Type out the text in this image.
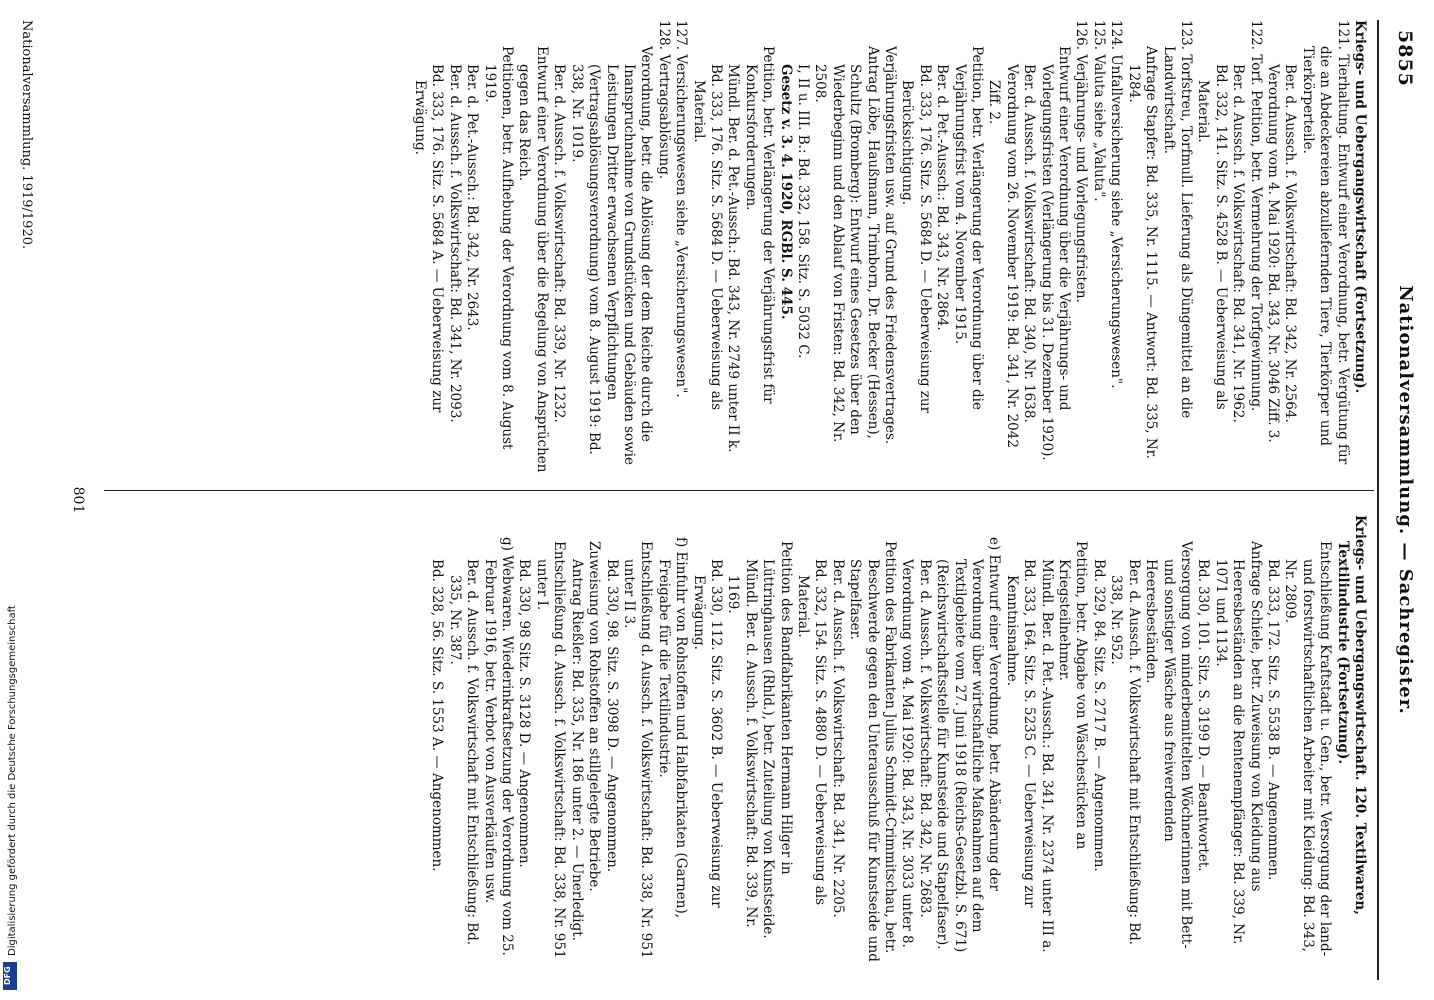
5855
Nationalversammlung. — Sachregister.

Kriegs- und Uebergangswirtschaft (Fortsetzung).

121. Tierhaltung. Entwurf einer Verordnung, betr. Vergütung für die an Abdeckereien abzuliefernden Tiere, Tierkörper und Tierkörperteile.

Ber. d. Aussch. f. Volkswirtschaft: Bd. 342, Nr. 2564.

Verordnung vom 4. Mai 1920: Bd. 343, Nr. 3046 Ziff. 3.

122. Torf. Petition, betr. Vermehrung der Torfgewinnung.

Ber. d. Aussch. f. Volkswirtschaft: Bd. 341, Nr. 1962.

Bd. 332, 141. Sitz. S. 4528 B. — Ueberweisung als Material.

123. Torfstreu, Torfmull. Lieferung als Düngemittel an die Landwirtschaft.

Anfrage Stapfer: Bd. 335, Nr. 1115. — Antwort: Bd. 335, Nr. 1284.

124. Unfallversicherung siehe „Versicherungswesen".

125. Valuta siehe „Valuta".

126. Verjährungs- und Vorlegungsfristen.

Entwurf einer Verordnung über die Verjährungs- und Vorlegungsfristen (Verlängerung bis 31. Dezember 1920).

Ber. d. Aussch. f. Volkswirtschaft: Bd. 340, Nr. 1638.

Verordnung vom 26. November 1919: Bd. 341, Nr. 2042 Ziff. 2.

Petition, betr. Verlängerung der Verordnung über die Verjährungsfrist vom 4. November 1915.

Ber. d. Pet.-Aussch.: Bd. 343, Nr. 2864.

Bd. 333, 176. Sitz. S. 5684 D. — Ueberweisung zur Berücksichtigung.

Verjährungsfristen usw. auf Grund des Friedensvertrages.

Antrag Löbe, Haußmann, Trimborn, Dr. Becker (Hessen), Schultz (Bromberg): Entwurf eines Gesetzes über den Wiederbeginn und den Ablauf von Fristen: Bd. 342, Nr. 2508.

I, II u. III. B.: Bd. 332, 158. Sitz. S. 5032 C.

Gesetz v. 3. 4. 1920, RGBl. S. 445.

Petition, betr. Verlängerung der Verjährungsfrist für Konkursforderungen.

Mündl. Ber. d. Pet.-Aussch.: Bd. 343, Nr. 2749 unter II k.

Bd. 333, 176. Sitz. S. 5684 D. — Ueberweisung als Material.

127. Versicherungswesen siehe „Versicherungswesen".

128. Vertragsablösung.

Verordnung, betr. die Ablösung der dem Reiche durch die Inanspruchnahme von Grundstücken und Gebäuden sowie Leistungen Dritter erwachsenen Verpflichtungen (Vertragsablösungsverordnung) vom 8. August 1919: Bd. 338, Nr. 1019.

Ber. d. Aussch. f. Volkswirtschaft: Bd. 339, Nr. 1232.

Entwurf einer Verordnung über die Regelung von Ansprüchen gegen das Reich.

Petitionen, betr. Aufhebung der Verordnung vom 8. August 1919.

Ber. d. Pet.-Aussch.: Bd. 342, Nr. 2643.

Ber. d. Aussch. f. Volkswirtschaft: Bd. 341, Nr. 2093.

Bd. 333, 176. Sitz. S. 5684 A. — Ueberweisung zur Erwägung.

Kriegs- und Uebergangswirtschaft. 120. Textilwaren, Textilindustrie (Fortsetzung).

Entschließung Kraftstadt u. Gen., betr. Versorgung der land- und forstwirtschaftlichen Arbeiter mit Kleidung: Bd. 343, Nr. 2809.

Bd. 333, 172. Sitz. S. 5538 B. — Angenommen.

Anfrage Schiele, betr. Zuweisung von Kleidung aus Heeresbeständen an die Rentenempfänger: Bd. 339, Nr. 1071 und 1134.

Bd. 330, 101. Sitz. S. 3199 D. — Beantwortet.

Versorgung von minderbemittelten Wöchnerinnen mit Bett- und sonstiger Wäsche aus freiwerdenden Heeresbeständen.

Ber. d. Aussch. f. Volkswirtschaft mit Entschließung: Bd. 338, Nr. 952.

Bd. 329, 84. Sitz. S. 2717 B. — Angenommen.

Petition, betr. Abgabe von Wäschestücken an Kriegsteilnehmer.

Mündl. Ber. d. Pet.-Aussch.: Bd. 341, Nr. 2374 unter III a.

Bd. 333, 164. Sitz. S. 5235 C. — Ueberweisung zur Kenntnisnahme.

e) Entwurf einer Verordnung, betr. Abänderung der Verordnung über wirtschaftliche Maßnahmen auf dem Textilgebiete vom 27. Juni 1918 (Reichs-Gesetzbl. S. 671) (Reichswirtschaftsstelle für Kunstseide und Stapelfaser).

Ber. d. Aussch. f. Volkswirtschaft: Bd. 342, Nr. 2683.

Verordnung vom 4. Mai 1920: Bd. 343, Nr. 3033 unter 8.

Petition des Fabrikanten Julius Schmidt-Crimmitschau, betr. Beschwerde gegen den Unterausschuß für Kunstseide und Stapelfaser.

Ber. d. Aussch. f. Volkswirtschaft: Bd. 341, Nr. 2205.

Bd. 332, 154. Sitz. S. 4880 D. — Ueberweisung als Material.

Petition des Bandfabrikanten Hermann Hilger in Lüttringhausen (Rhld.), betr. Zuteilung von Kunstseide.

Mündl. Ber. d. Aussch. f. Volkswirtschaft: Bd. 339, Nr. 1169.

Bd. 330, 112. Sitz. S. 3602 B. — Ueberweisung zur Erwägung.

f) Einfuhr von Rohstoffen und Halbfabrikaten (Garnen), Freigabe für die Textilindustrie.

Entschließung d. Aussch. f. Volkswirtschaft: Bd. 338, Nr. 951 unter II 3.

Bd. 330, 98. Sitz. S. 3098 D. — Angenommen.

Zuweisung von Rohstoffen an stillgelegte Betriebe.

Antrag Rießler: Bd. 335, Nr. 186 unter 2. — Unerledigt.

Entschließung d. Aussch. f. Volkswirtschaft: Bd. 338, Nr. 951 unter I.

Bd. 330, 98 Sitz. S. 3128 D. — Angenommen.

g) Webwaren. Wiederinkraftsetzung der Verordnung vom 25. Februar 1916, betr. Verbot von Ausverkäufen usw.

Ber. d. Aussch. f. Volkswirtschaft mit Entschließung: Bd. 335, Nr. 387.

Bd. 328, 56. Sitz. S. 1553 A. — Angenommen.

801
Nationalversammlung. 1919/1920.
Digitalisierung gefördert durch die Deutsche Forschungsgemeinschaft
DFG
